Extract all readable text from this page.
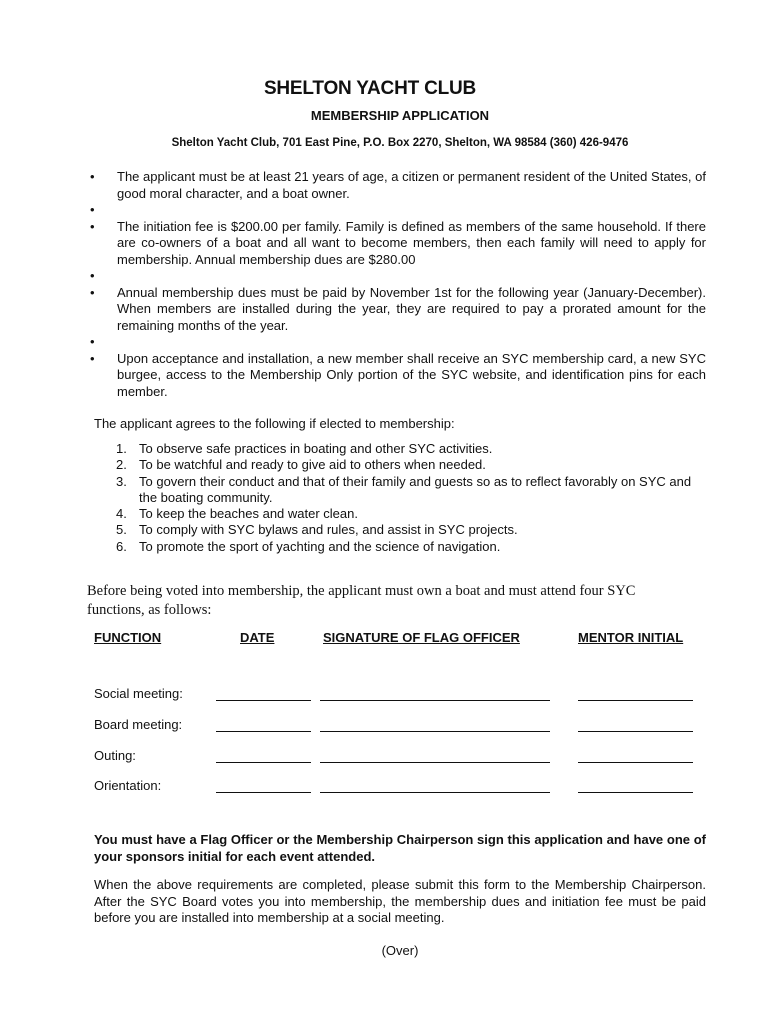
SHELTON YACHT CLUB
MEMBERSHIP APPLICATION
Shelton Yacht Club, 701 East Pine, P.O. Box 2270, Shelton, WA 98584 (360) 426-9476
• The applicant must be at least 21 years of age, a citizen or permanent resident of the United States, of good moral character, and a boat owner.
•
• The initiation fee is $200.00 per family. Family is defined as members of the same household. If there are co-owners of a boat and all want to become members, then each family will need to apply for membership. Annual membership dues are $280.00
•
• Annual membership dues must be paid by November 1st for the following year (January-December). When members are installed during the year, they are required to pay a prorated amount for the remaining months of the year.
•
• Upon acceptance and installation, a new member shall receive an SYC membership card, a new SYC burgee, access to the Membership Only portion of the SYC website, and identification pins for each member.
The applicant agrees to the following if elected to membership:
1. To observe safe practices in boating and other SYC activities.
2. To be watchful and ready to give aid to others when needed.
3. To govern their conduct and that of their family and guests so as to reflect favorably on SYC and the boating community.
4. To keep the beaches and water clean.
5. To comply with SYC bylaws and rules, and assist in SYC projects.
6. To promote the sport of yachting and the science of navigation.
Before being voted into membership, the applicant must own a boat and must attend four SYC functions, as follows:
FUNCTION	DATE	SIGNATURE OF FLAG OFFICER	MENTOR INITIAL
Social meeting:
Board meeting:
Outing:
Orientation:
You must have a Flag Officer or the Membership Chairperson sign this application and have one of your sponsors initial for each event attended.
When the above requirements are completed, please submit this form to the Membership Chairperson. After the SYC Board votes you into membership, the membership dues and initiation fee must be paid before you are installed into membership at a social meeting.
(Over)
